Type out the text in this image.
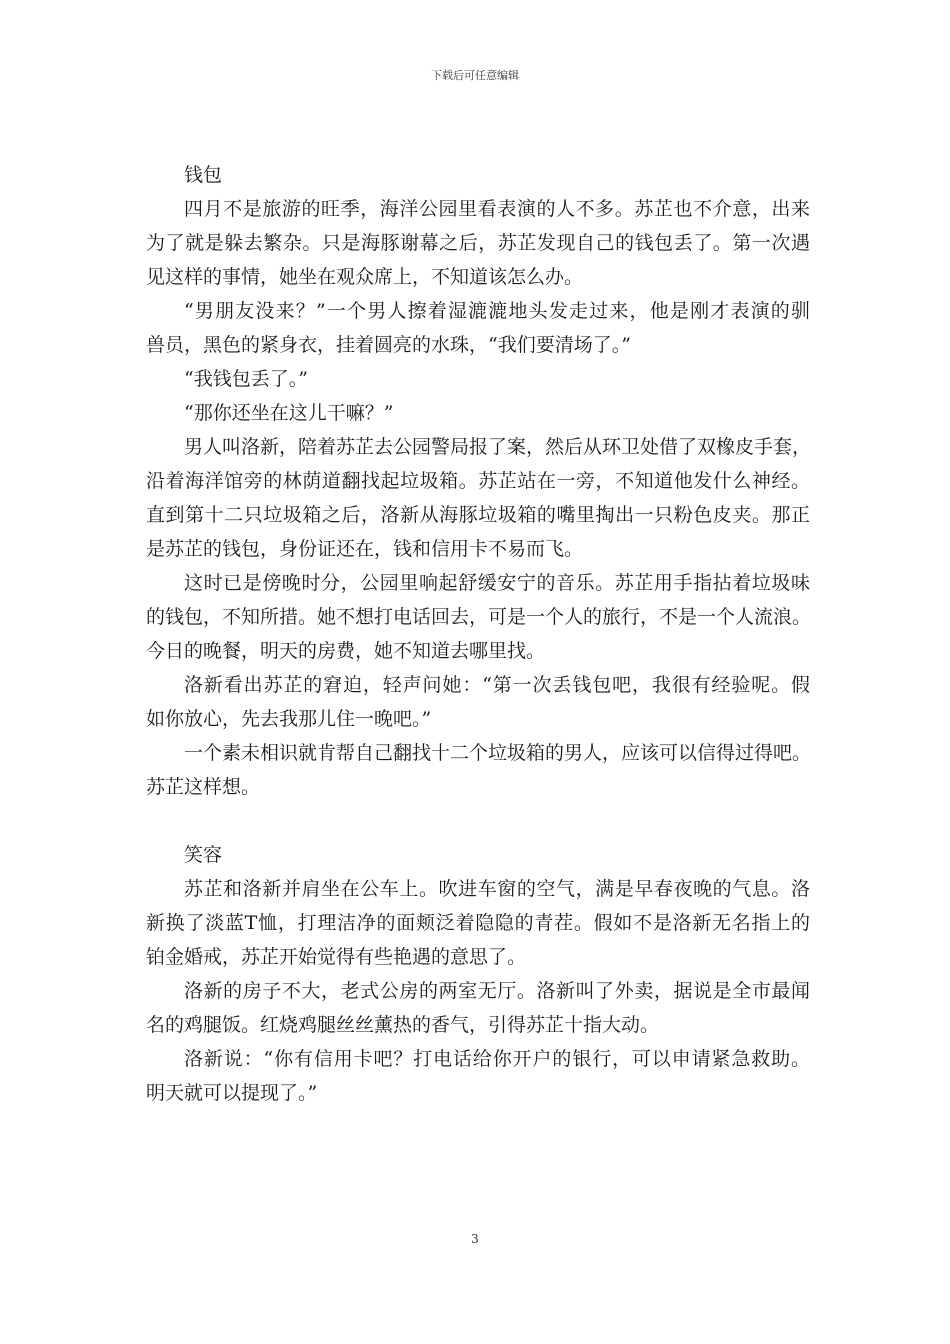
下载后可任意编辑
钱包
四月不是旅游的旺季，海洋公园里看表演的人不多。苏芷也不介意，出来
为了就是躲去繁杂。只是海豚谢幕之后，苏芷发现自己的钱包丢了。第一次遇
见这样的事情，她坐在观众席上，不知道该怎么办。
“男朋友没来？”一个男人擦着湿漉漉地头发走过来，他是刚才表演的驯
兽员，黑色的紧身衣，挂着圆亮的水珠，“我们要清场了。”
“我钱包丢了。”
“那你还坐在这儿干嘛？”
男人叫洛新，陪着苏芷去公园警局报了案，然后从环卫处借了双橡皮手套，
沿着海洋馆旁的林荫道翻找起垃圾箱。苏芷站在一旁，不知道他发什么神经。
直到第十二只垃圾箱之后，洛新从海豚垃圾箱的嘴里掏出一只粉色皮夹。那正
是苏芷的钱包，身份证还在，钱和信用卡不易而飞。
这时已是傍晚时分，公园里响起舒缓安宁的音乐。苏芷用手指拈着垃圾味
的钱包，不知所措。她不想打电话回去，可是一个人的旅行，不是一个人流浪。
今日的晚餐，明天的房费，她不知道去哪里找。
洛新看出苏芷的窘迫，轻声问她：“第一次丢钱包吧，我很有经验呢。假
如你放心，先去我那儿住一晚吧。”
一个素未相识就肯帮自己翻找十二个垃圾箱的男人，应该可以信得过得吧。
苏芷这样想。
笑容
苏芷和洛新并肩坐在公车上。吹进车窗的空气，满是早春夜晚的气息。洛
新换了淡蓝T恤，打理洁净的面颊泛着隐隐的青茬。假如不是洛新无名指上的
铂金婚戒，苏芷开始觉得有些艳遇的意思了。
洛新的房子不大，老式公房的两室无厅。洛新叫了外卖，据说是全市最闻
名的鸡腿饭。红烧鸡腿丝丝薰热的香气，引得苏芷十指大动。
洛新说：“你有信用卡吧？打电话给你开户的银行，可以申请紧急救助。
明天就可以提现了。”
3
